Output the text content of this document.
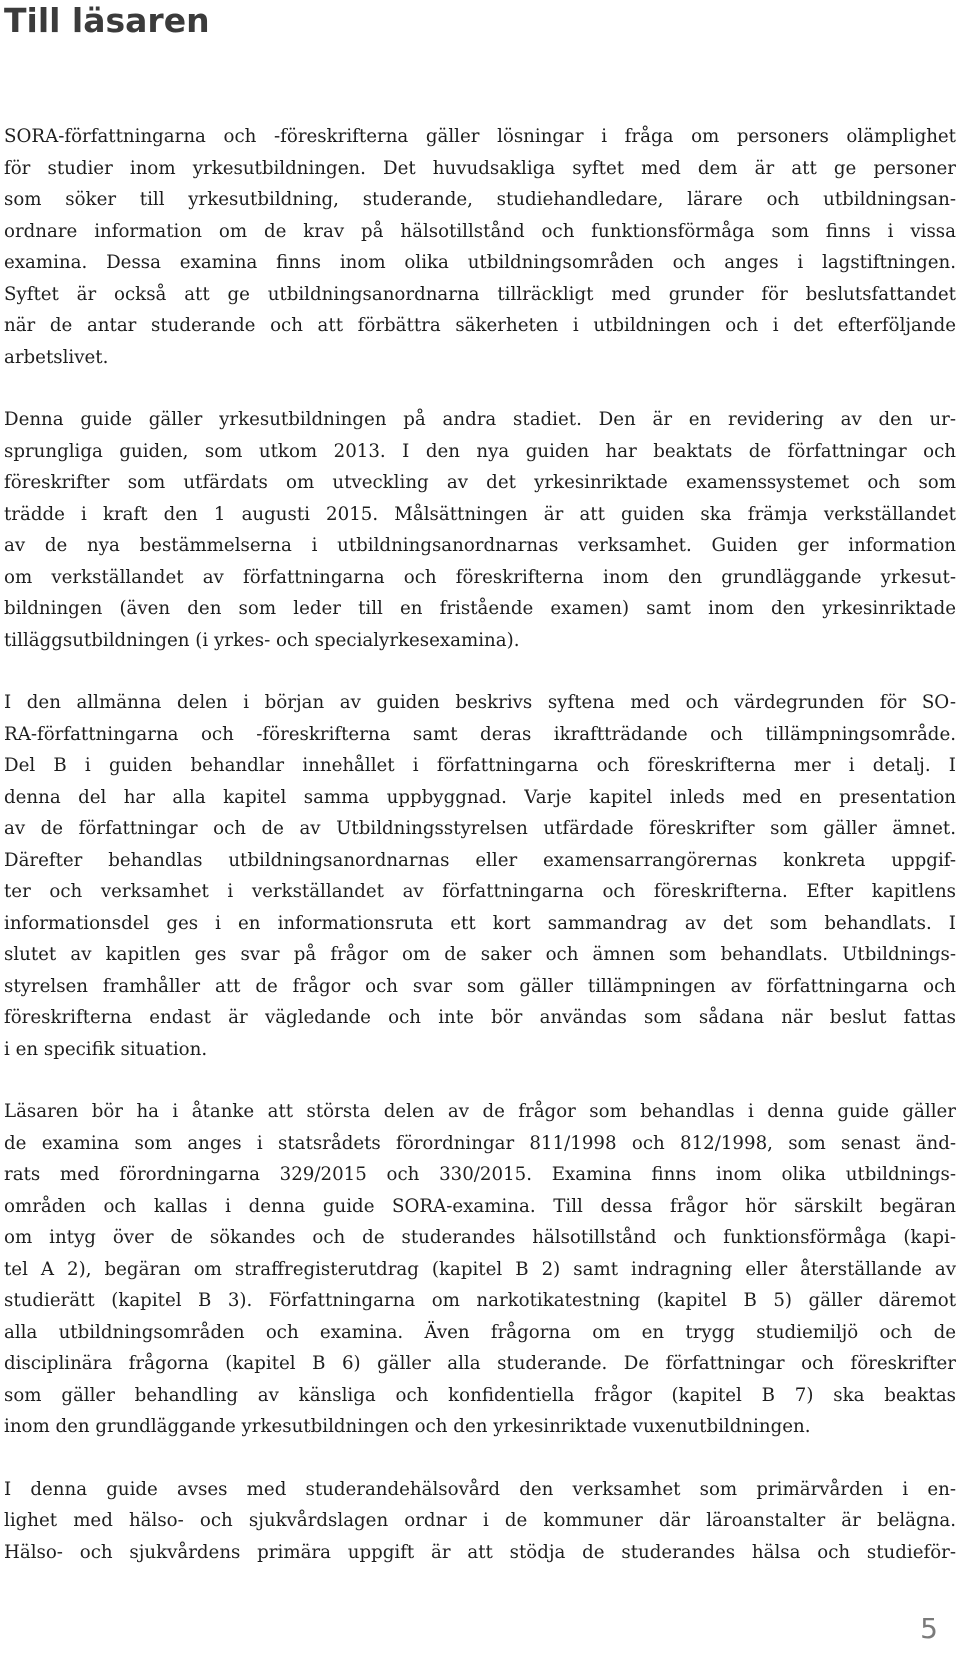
Till läsaren

SORA-författningarna och -föreskrifterna gäller lösningar i fråga om personers olämplighet
för studier inom yrkesutbildningen. Det huvudsakliga syftet med dem är att ge personer
som söker till yrkesutbildning, studerande, studiehandledare, lärare och utbildningsan-
ordnare information om de krav på hälsotillstånd och funktionsförmåga som finns i vissa
examina. Dessa examina finns inom olika utbildningsområden och anges i lagstiftningen.
Syftet är också att ge utbildningsanordnarna tillräckligt med grunder för beslutsfattandet
när de antar studerande och att förbättra säkerheten i utbildningen och i det efterföljande
arbetslivet.

Denna guide gäller yrkesutbildningen på andra stadiet. Den är en revidering av den ur-
sprungliga guiden, som utkom 2013. I den nya guiden har beaktats de författningar och
föreskrifter som utfärdats om utveckling av det yrkesinriktade examenssystemet och som
trädde i kraft den 1 augusti 2015. Målsättningen är att guiden ska främja verkställandet
av de nya bestämmelserna i utbildningsanordnarnas verksamhet. Guiden ger information
om verkställandet av författningarna och föreskrifterna inom den grundläggande yrkesut-
bildningen (även den som leder till en fristående examen) samt inom den yrkesinriktade
tilläggsutbildningen (i yrkes- och specialyrkesexamina).

I den allmänna delen i början av guiden beskrivs syftena med och värdegrunden för SO-
RA-författningarna och -föreskrifterna samt deras ikraftträdande och tillämpningsområde.
Del B i guiden behandlar innehållet i författningarna och föreskrifterna mer i detalj. I
denna del har alla kapitel samma uppbyggnad. Varje kapitel inleds med en presentation
av de författningar och de av Utbildningsstyrelsen utfärdade föreskrifter som gäller ämnet.
Därefter behandlas utbildningsanordnarnas eller examensarrangörernas konkreta uppgif-
ter och verksamhet i verkställandet av författningarna och föreskrifterna. Efter kapitlens
informationsdel ges i en informationsruta ett kort sammandrag av det som behandlats. I
slutet av kapitlen ges svar på frågor om de saker och ämnen som behandlats. Utbildnings-
styrelsen framhåller att de frågor och svar som gäller tillämpningen av författningarna och
föreskrifterna endast är vägledande och inte bör användas som sådana när beslut fattas
i en specifik situation.

Läsaren bör ha i åtanke att största delen av de frågor som behandlas i denna guide gäller
de examina som anges i statsrådets förordningar 811/1998 och 812/1998, som senast änd-
rats med förordningarna 329/2015 och 330/2015. Examina finns inom olika utbildnings-
områden och kallas i denna guide SORA-examina. Till dessa frågor hör särskilt begäran
om intyg över de sökandes och de studerandes hälsotillstånd och funktionsförmåga (kapi-
tel A 2), begäran om straffregisterutdrag (kapitel B 2) samt indragning eller återställande av
studierätt (kapitel B 3). Författningarna om narkotikatestning (kapitel B 5) gäller däremot
alla utbildningsområden och examina. Även frågorna om en trygg studiemiljö och de
disciplinära frågorna (kapitel B 6) gäller alla studerande. De författningar och föreskrifter
som gäller behandling av känsliga och konfidentiella frågor (kapitel B 7) ska beaktas
inom den grundläggande yrkesutbildningen och den yrkesinriktade vuxenutbildningen.

I denna guide avses med studerandehälsovård den verksamhet som primärvården i en-
lighet med hälso- och sjukvårdslagen ordnar i de kommuner där läroanstalter är belägna.
Hälso- och sjukvårdens primära uppgift är att stödja de studerandes hälsa och studieför-

5
